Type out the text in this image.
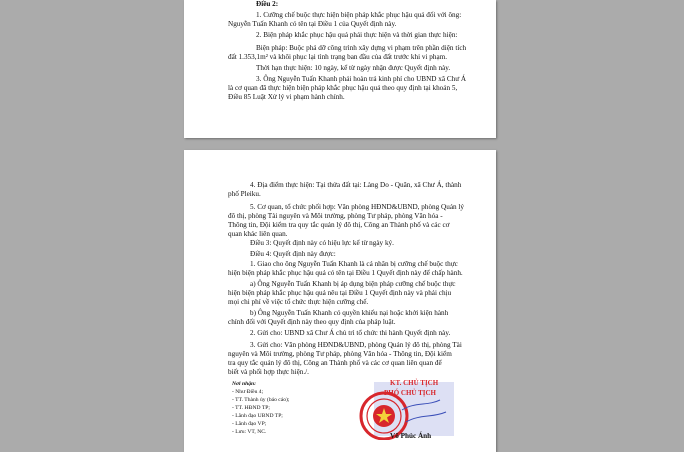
Điều 2:
1. Cưỡng chế buộc thực hiện biện pháp khắc phục hậu quả đối với ông:
Nguyễn Tuấn Khanh có tên tại Điều 1 của Quyết định này.
2. Biện pháp khắc phục hậu quả phải thực hiện và thời gian thực hiện:
Biện pháp: Buộc phá dỡ công trình xây dựng vi phạm trên phần diện tích
đất 1.353,1m² và khôi phục lại tình trạng ban đầu của đất trước khi vi phạm.
Thời hạn thực hiện: 10 ngày, kể từ ngày nhận được Quyết định này.
3. Ông Nguyễn Tuấn Khanh phải hoàn trả kinh phí cho UBND xã Chư Á
là cơ quan đã thực hiện biện pháp khắc phục hậu quả theo quy định tại khoản 5,
Điều 85 Luật Xử lý vi phạm hành chính.
4. Địa điểm thực hiện: Tại thửa đất tại: Làng Do - Quăn, xã Chư Á, thành
phố Pleiku.
5. Cơ quan, tổ chức phối hợp: Văn phòng HĐND&UBND, phòng Quản lý
đô thị, phòng Tài nguyên và Môi trường, phòng Tư pháp, phòng Văn hóa -
Thông tin, Đội kiểm tra quy tắc quản lý đô thị, Công an Thành phố và các cơ
quan khác liên quan.
Điều 3: Quyết định này có hiệu lực kể từ ngày ký.
Điều 4: Quyết định này được:
1. Giao cho ông Nguyễn Tuấn Khanh là cá nhân bị cưỡng chế buộc thực
hiện biện pháp khắc phục hậu quả có tên tại Điều 1 Quyết định này để chấp hành.
a) Ông Nguyễn Tuấn Khanh bị áp dụng biện pháp cưỡng chế buộc thực
hiện biện pháp khắc phục hậu quả nêu tại Điều 1 Quyết định này và phải chịu
mọi chi phí về việc tổ chức thực hiện cưỡng chế.
b) Ông Nguyễn Tuấn Khanh có quyền khiếu nại hoặc khởi kiện hành
chính đối với Quyết định này theo quy định của pháp luật.
2. Gửi cho: UBND xã Chư Á chủ trì tổ chức thi hành Quyết định này.
3. Gửi cho: Văn phòng HĐND&UBND, phòng Quản lý đô thị, phòng Tài
nguyên và Môi trường, phòng Tư pháp, phòng Văn hóa - Thông tin, Đội kiểm
tra quy tắc quản lý đô thị, Công an Thành phố và các cơ quan liên quan để
biết và phối hợp thực hiện./.
Nơi nhận:
- Như Điều 4;
- TT. Thành ủy (báo cáo);
- TT. HĐND TP;
- Lãnh đạo UBND TP;
- Lãnh đạo VP;
- Lưu: VT, NC.
KT. CHỦ TỊCH
PHÓ CHỦ TỊCH
Võ Phúc Ánh
